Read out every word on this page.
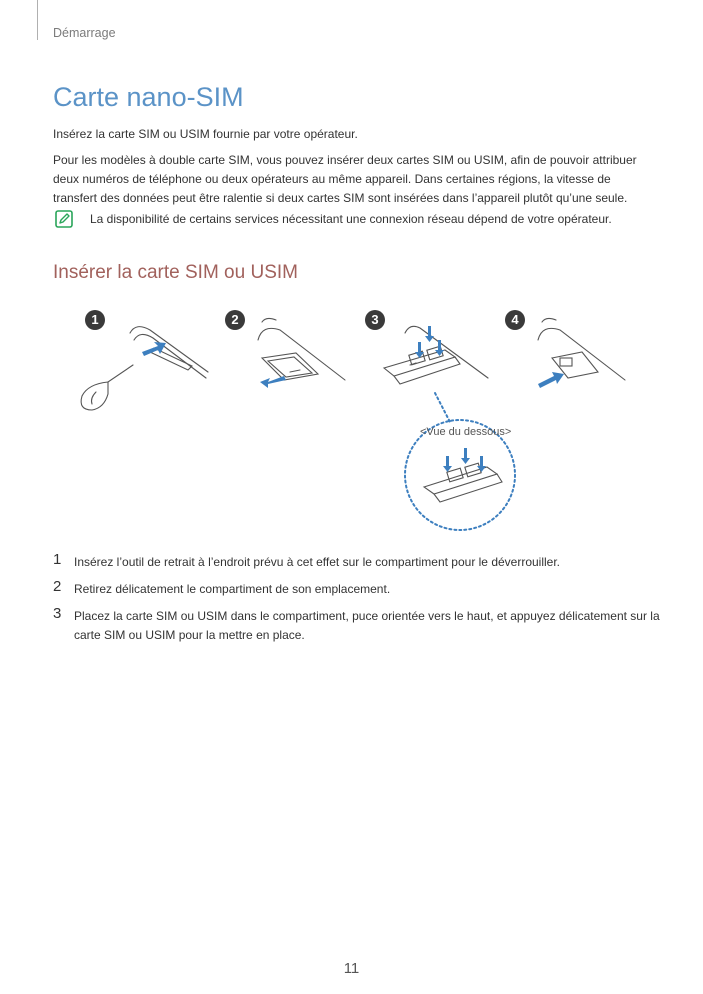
Démarrage
Carte nano-SIM

Insérez la carte SIM ou USIM fournie par votre opérateur.

Pour les modèles à double carte SIM, vous pouvez insérer deux cartes SIM ou USIM, afin de pouvoir attribuer deux numéros de téléphone ou deux opérateurs au même appareil. Dans certaines régions, la vitesse de transfert des données peut être ralentie si deux cartes SIM sont insérées dans l’appareil plutôt qu’une seule.

La disponibilité de certains services nécessitant une connexion réseau dépend de votre opérateur.
Insérer la carte SIM ou USIM
1	2	3	4
<Vue du dessous>
1 Insérez l’outil de retrait à l’endroit prévu à cet effet sur le compartiment pour le déverrouiller.
2 Retirez délicatement le compartiment de son emplacement.
3 Placez la carte SIM ou USIM dans le compartiment, puce orientée vers le haut, et appuyez délicatement sur la carte SIM ou USIM pour la mettre en place.
11
